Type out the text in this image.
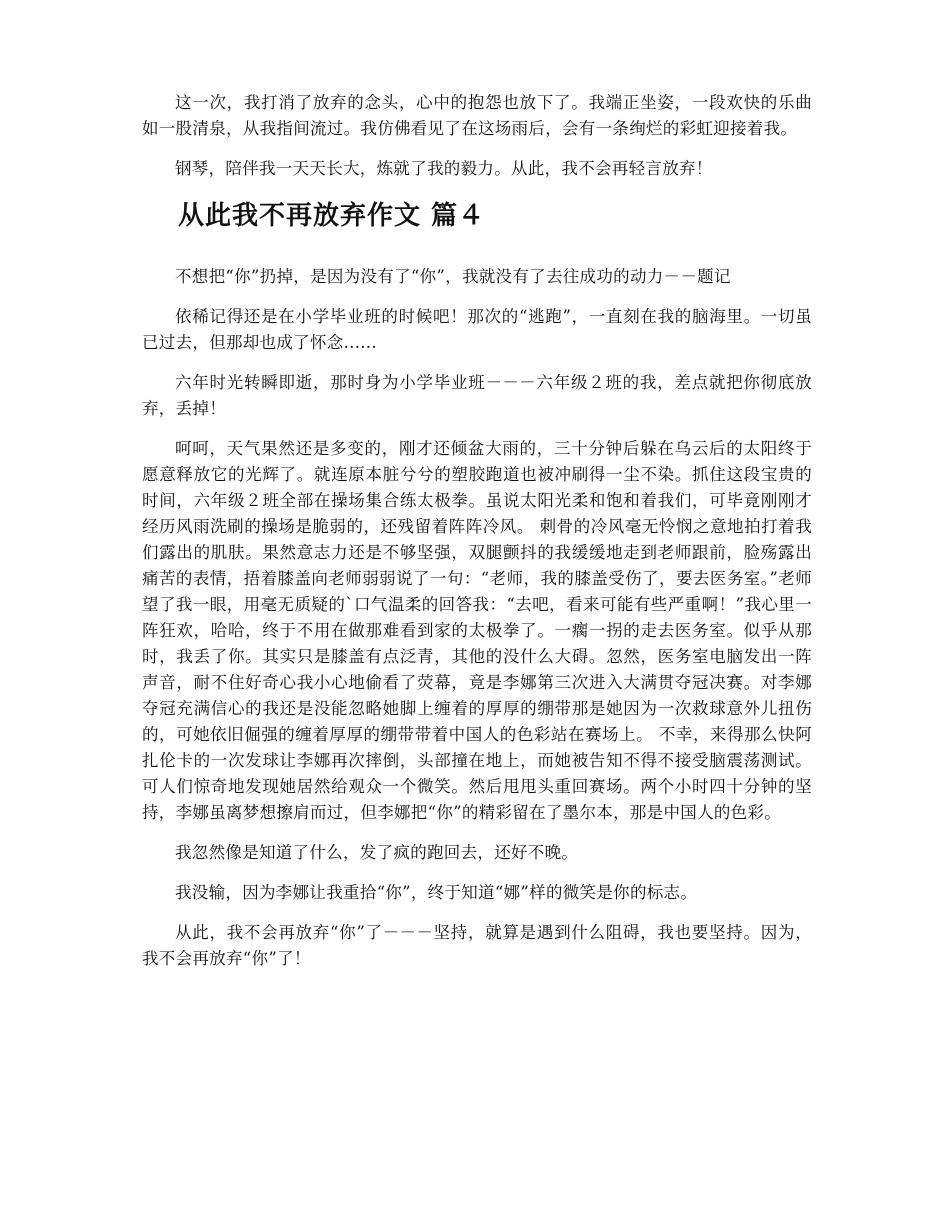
这一次，我打消了放弃的念头，心中的抱怨也放下了。我端正坐姿，一段欢快的乐曲如一股清泉，从我指间流过。我仿佛看见了在这场雨后，会有一条绚烂的彩虹迎接着我。

钢琴，陪伴我一天天长大，炼就了我的毅力。从此，我不会再轻言放弃！

从此我不再放弃作文 篇４

不想把“你”扔掉，是因为没有了“你”，我就没有了去往成功的动力－－题记

依稀记得还是在小学毕业班的时候吧！那次的“逃跑”，一直刻在我的脑海里。一切虽已过去，但那却也成了怀念......

六年时光转瞬即逝，那时身为小学毕业班－－－六年级２班的我，差点就把你彻底放弃，丢掉！

呵呵，天气果然还是多变的，刚才还倾盆大雨的，三十分钟后躲在乌云后的太阳终于愿意释放它的光辉了。就连原本脏兮兮的塑胶跑道也被冲刷得一尘不染。抓住这段宝贵的时间，六年级２班全部在操场集合练太极拳。虽说太阳光柔和饱和着我们，可毕竟刚刚才经历风雨洗刷的操场是脆弱的，还残留着阵阵冷风。 刺骨的冷风毫无怜悯之意地拍打着我们露出的肌肤。果然意志力还是不够坚强，双腿颤抖的我缓缓地走到老师跟前，脸殇露出痛苦的表情，捂着膝盖向老师弱弱说了一句：“老师，我的膝盖受伤了，要去医务室。”老师望了我一眼，用毫无质疑的`口气温柔的回答我：“去吧，看来可能有些严重啊！”我心里一阵狂欢，哈哈，终于不用在做那难看到家的太极拳了。一瘸一拐的走去医务室。似乎从那时，我丢了你。其实只是膝盖有点泛青，其他的没什么大碍。忽然，医务室电脑发出一阵声音，耐不住好奇心我小心地偷看了荧幕，竟是李娜第三次进入大满贯夺冠决赛。对李娜夺冠充满信心的我还是没能忽略她脚上缠着的厚厚的绷带那是她因为一次救球意外儿扭伤的，可她依旧倔强的缠着厚厚的绷带带着中国人的色彩站在赛场上。 不幸，来得那么快阿扎伦卡的一次发球让李娜再次摔倒，头部撞在地上，而她被告知不得不接受脑震荡测试。可人们惊奇地发现她居然给观众一个微笑。然后甩甩头重回赛场。两个小时四十分钟的坚持，李娜虽离梦想擦肩而过，但李娜把“你”的精彩留在了墨尔本，那是中国人的色彩。

我忽然像是知道了什么，发了疯的跑回去，还好不晚。

我没输，因为李娜让我重拾“你”，终于知道“娜”样的微笑是你的标志。

从此，我不会再放弃“你”了－－－坚持，就算是遇到什么阻碍，我也要坚持。因为，我不会再放弃“你”了！
